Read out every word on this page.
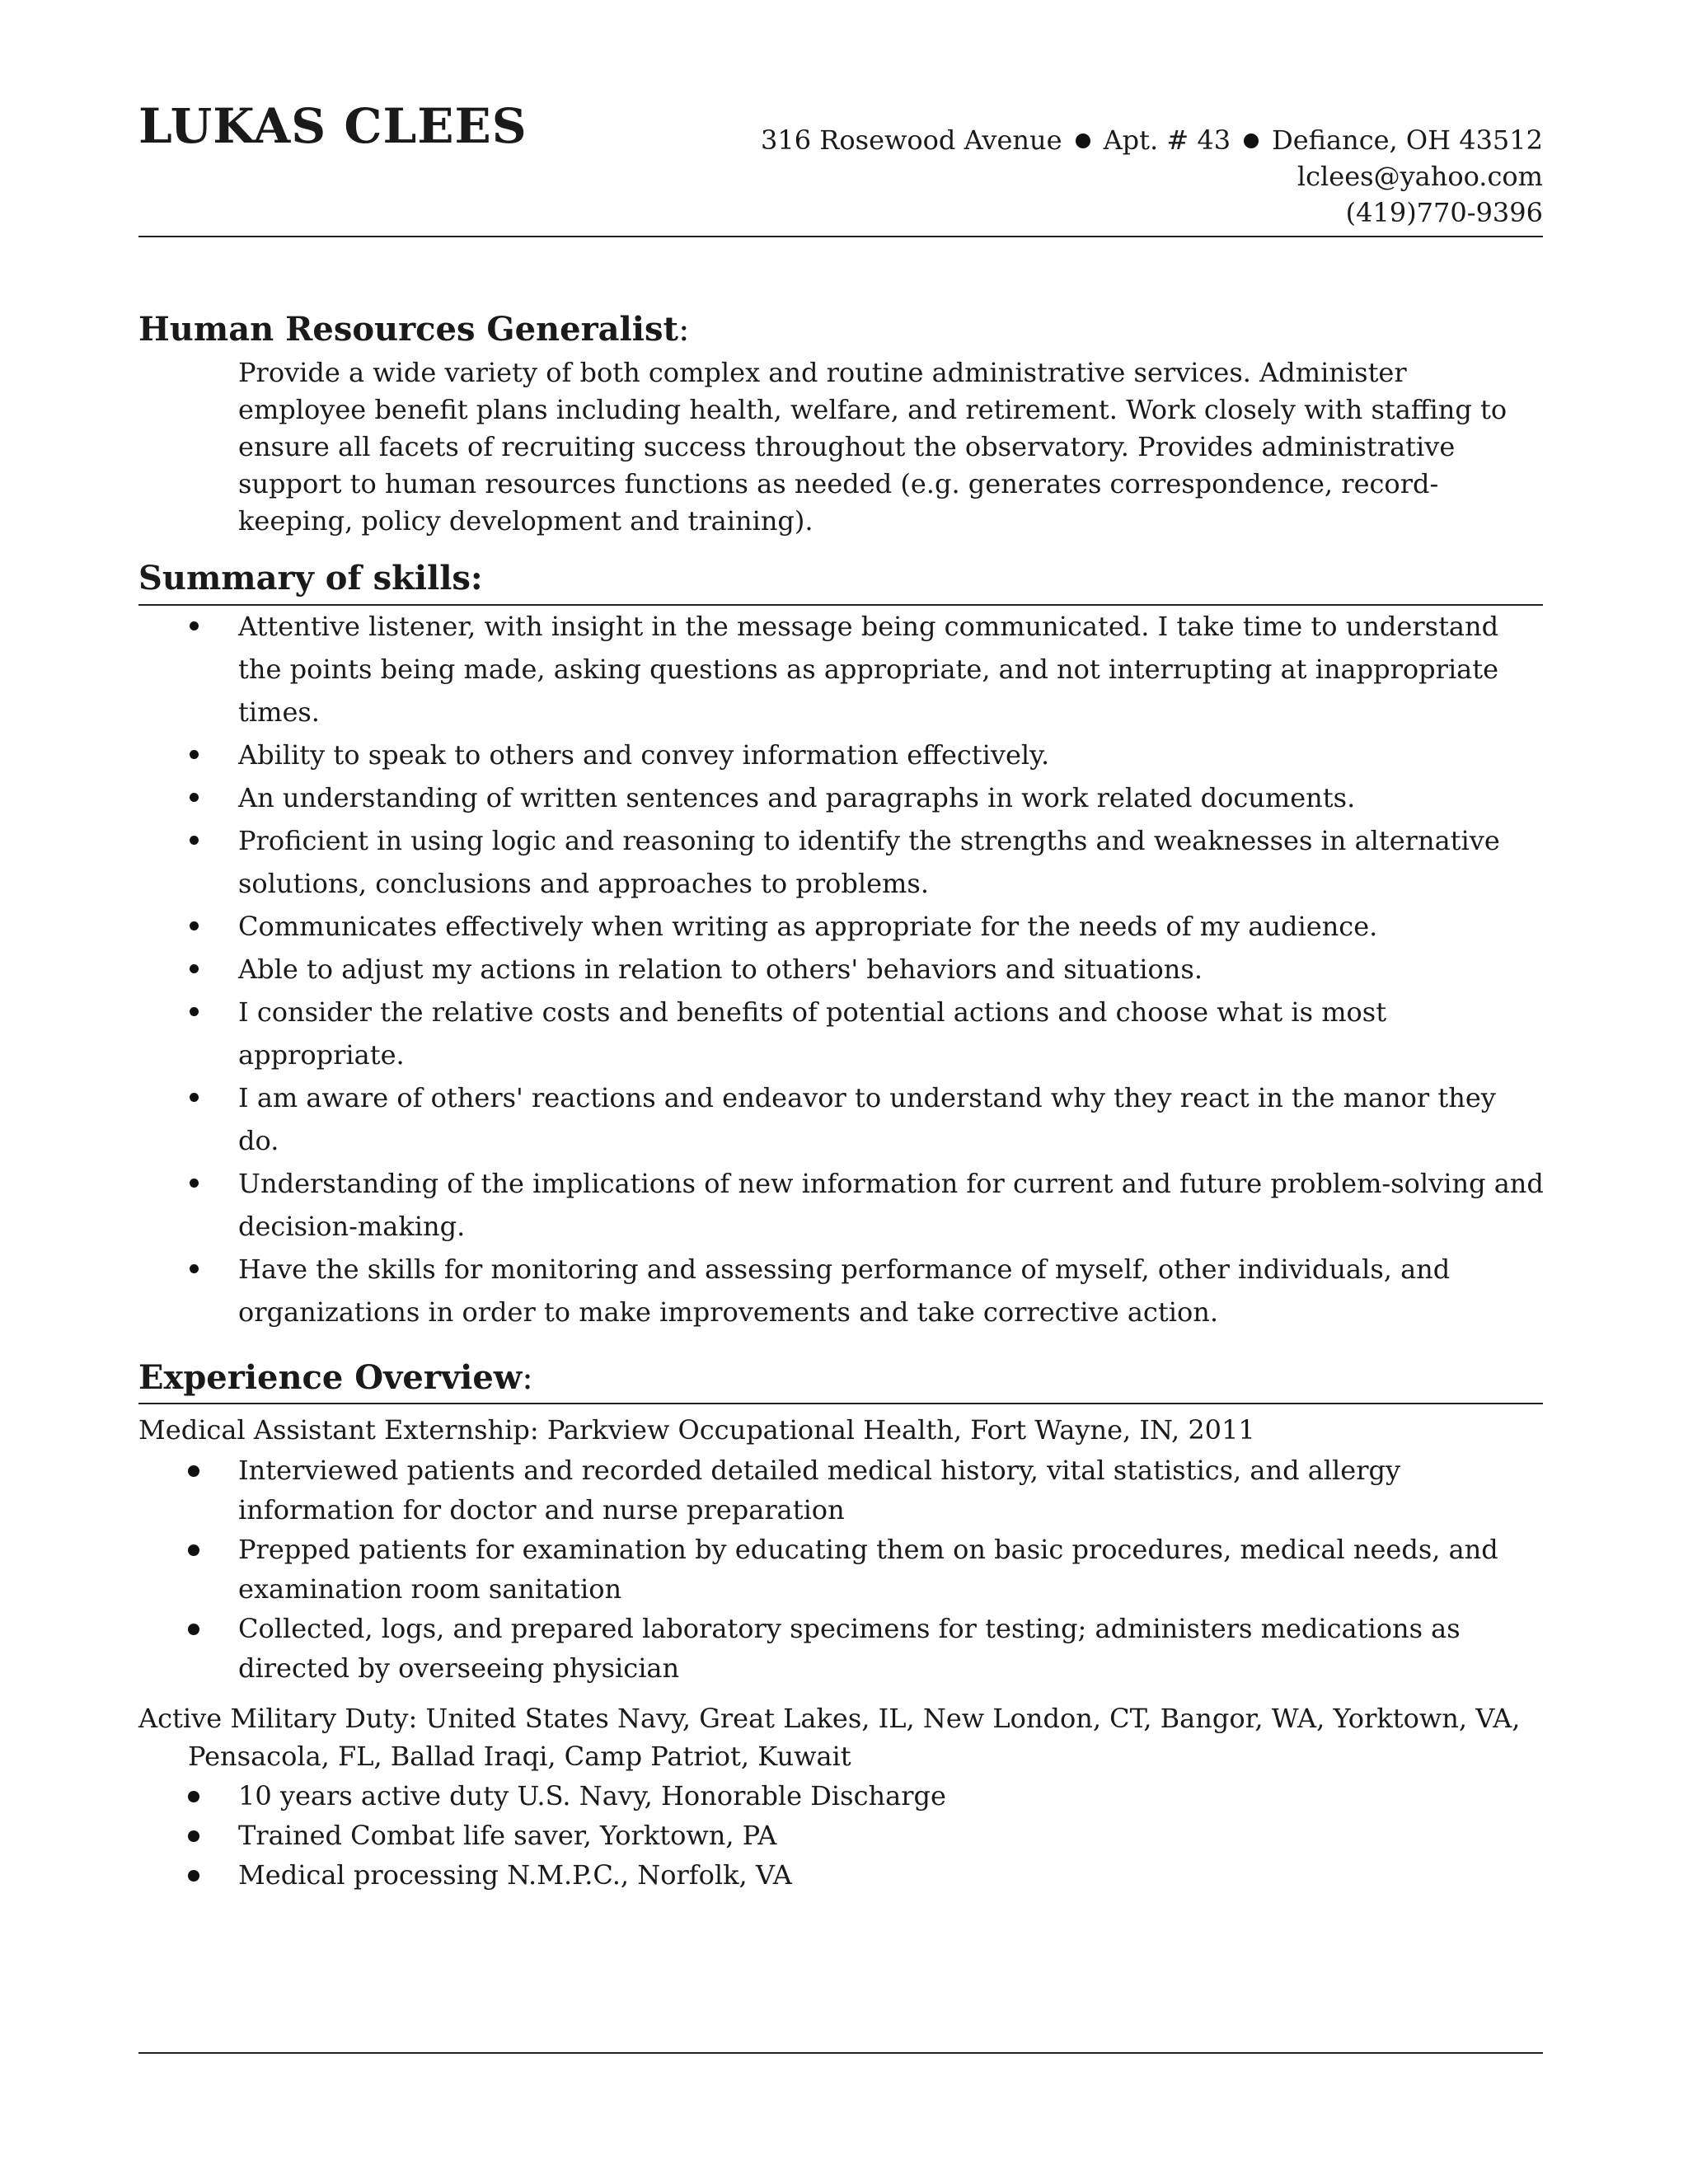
LUKAS CLEES	316 Rosewood Avenue Apt. # 43 Defiance, OH 43512
lclees@yahoo.com
(419)770-9396
Human Resources Generalist:

Provide a wide variety of both complex and routine administrative services. Administer employee benefit plans including health, welfare, and retirement. Work closely with staffing to ensure all facets of recruiting success throughout the observatory. Provides administrative support to human resources functions as needed (e.g. generates correspondence, record-keeping, policy development and training).

Summary of skills:
Attentive listener, with insight in the message being communicated. I take time to understand the points being made, asking questions as appropriate, and not interrupting at inappropriate times.
Ability to speak to others and convey information effectively.
An understanding of written sentences and paragraphs in work related documents.
Proficient in using logic and reasoning to identify the strengths and weaknesses in alternative solutions, conclusions and approaches to problems.
Communicates effectively when writing as appropriate for the needs of my audience.
Able to adjust my actions in relation to others' behaviors and situations.
I consider the relative costs and benefits of potential actions and choose what is most appropriate.
I am aware of others' reactions and endeavor to understand why they react in the manor they do.
Understanding of the implications of new information for current and future problem-solving and decision-making.
Have the skills for monitoring and assessing performance of myself, other individuals, and organizations in order to make improvements and take corrective action.
Experience Overview:

Medical Assistant Externship: Parkview Occupational Health, Fort Wayne, IN, 2011

Interviewed patients and recorded detailed medical history, vital statistics, and allergy information for doctor and nurse preparation
Prepped patients for examination by educating them on basic procedures, medical needs, and examination room sanitation
Collected, logs, and prepared laboratory specimens for testing; administers medications as directed by overseeing physician

Active Military Duty: United States Navy, Great Lakes, IL, New London, CT, Bangor, WA, Yorktown, VA, Pensacola, FL, Ballad Iraqi, Camp Patriot, Kuwait

10 years active duty U.S. Navy, Honorable Discharge
Trained Combat life saver, Yorktown, PA
Medical processing N.M.P.C., Norfolk, VA
